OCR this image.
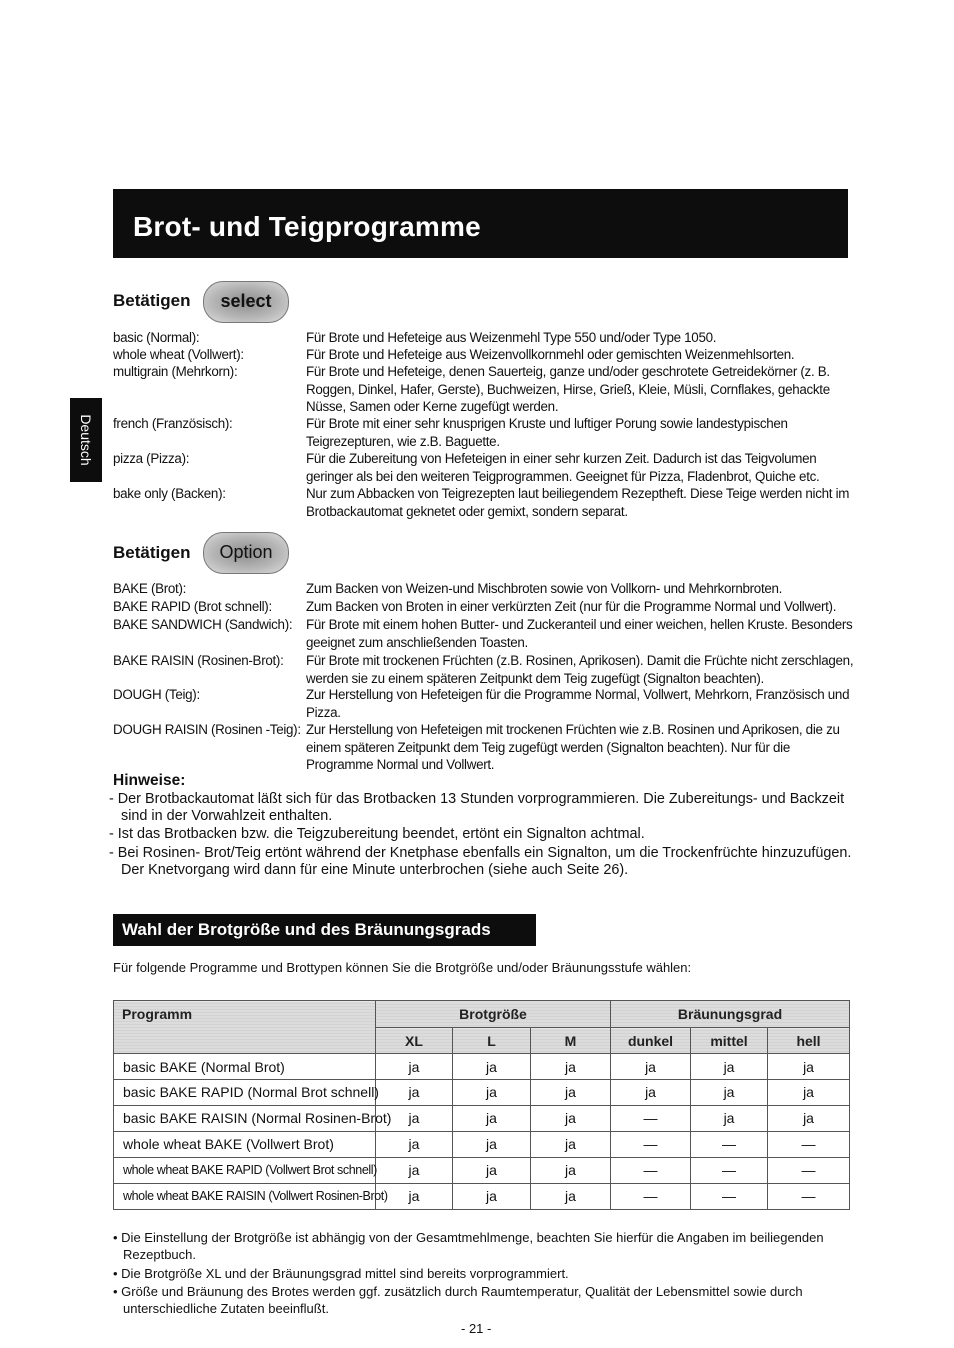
Brot- und Teigprogramme
Deutsch
Betätigen	select
basic (Normal):	Für Brote und Hefeteige aus Weizenmehl Type 550 und/oder Type 1050.
whole wheat (Vollwert):	Für Brote und Hefeteige aus Weizenvollkornmehl oder gemischten Weizenmehlsorten.
multigrain (Mehrkorn):	Für Brote und Hefeteige, denen Sauerteig, ganze und/oder geschrotete Getreidekörner (z. B. Roggen, Dinkel, Hafer, Gerste), Buchweizen, Hirse, Grieß, Kleie, Müsli, Cornflakes, gehackte Nüsse, Samen oder Kerne zugefügt werden.
french (Französisch):	Für Brote mit einer sehr knusprigen Kruste und luftiger Porung sowie landestypischen Teigrezepturen, wie z.B. Baguette.
pizza (Pizza):	Für die Zubereitung von Hefeteigen in einer sehr kurzen Zeit. Dadurch ist das Teigvolumen geringer als bei den weiteren Teigprogrammen. Geeignet für Pizza, Fladenbrot, Quiche etc.
bake only (Backen):	Nur zum Abbacken von Teigrezepten laut beiliegendem Rezeptheft. Diese Teige werden nicht im Brotbackautomat geknetet oder gemixt, sondern separat.
Betätigen	Option
BAKE (Brot):	Zum Backen von Weizen-und Mischbroten sowie von Vollkorn- und Mehrkornbroten.
BAKE RAPID (Brot schnell):	Zum Backen von Broten in einer verkürzten Zeit (nur für die Programme Normal und Vollwert).
BAKE SANDWICH (Sandwich): Für Brote mit einem hohen Butter- und Zuckeranteil und einer weichen, hellen Kruste. Besonders geeignet zum anschließenden Toasten.
BAKE RAISIN (Rosinen-Brot): Für Brote mit trockenen Früchten (z.B. Rosinen, Aprikosen). Damit die Früchte nicht zerschlagen, werden sie zu einem späteren Zeitpunkt dem Teig zugefügt (Signalton beachten).
DOUGH (Teig):	Zur Herstellung von Hefeteigen für die Programme Normal, Vollwert, Mehrkorn, Französisch und Pizza.
DOUGH RAISIN (Rosinen -Teig): Zur Herstellung von Hefeteigen mit trockenen Früchten wie z.B. Rosinen und Aprikosen, die zu einem späteren Zeitpunkt dem Teig zugefügt werden (Signalton beachten). Nur für die Programme Normal und Vollwert.
Hinweise:
- Der Brotbackautomat läßt sich für das Brotbacken 13 Stunden vorprogrammieren. Die Zubereitungs- und Backzeit sind in der Vorwahlzeit enthalten.
- Ist das Brotbacken bzw. die Teigzubereitung beendet, ertönt ein Signalton achtmal.
- Bei Rosinen- Brot/Teig ertönt während der Knetphase ebenfalls ein Signalton, um die Trockenfrüchte hinzuzufügen. Der Knetvorgang wird dann für eine Minute unterbrochen (siehe auch Seite 26).
Wahl der Brotgröße und des Bräunungsgrads
Für folgende Programme und Brottypen können Sie die Brotgröße und/oder Bräunungsstufe wählen:
Programm	Brotgröße			Bräunungsgrad		
	XL	L	M	dunkel	mittel	hell
basic BAKE (Normal Brot)	ja	ja	ja	ja	ja	ja
basic BAKE RAPID (Normal Brot schnell)	ja	ja	ja	ja	ja	ja
basic BAKE RAISIN (Normal Rosinen-Brot)	ja	ja	ja	—	ja	ja
whole wheat BAKE (Vollwert Brot)	ja	ja	ja	—	—	—
whole wheat BAKE RAPID (Vollwert Brot schnell)	ja	ja	ja	—	—	—
whole wheat BAKE RAISIN (Vollwert Rosinen-Brot)	ja	ja	ja	—	—	—
• Die Einstellung der Brotgröße ist abhängig von der Gesamtmehlmenge, beachten Sie hierfür die Angaben im beiliegenden Rezeptbuch.
• Die Brotgröße XL und der Bräunungsgrad mittel sind bereits vorprogrammiert.
• Größe und Bräunung des Brotes werden ggf. zusätzlich durch Raumtemperatur, Qualität der Lebensmittel sowie durch unterschiedliche Zutaten beeinflußt.
- 21 -
